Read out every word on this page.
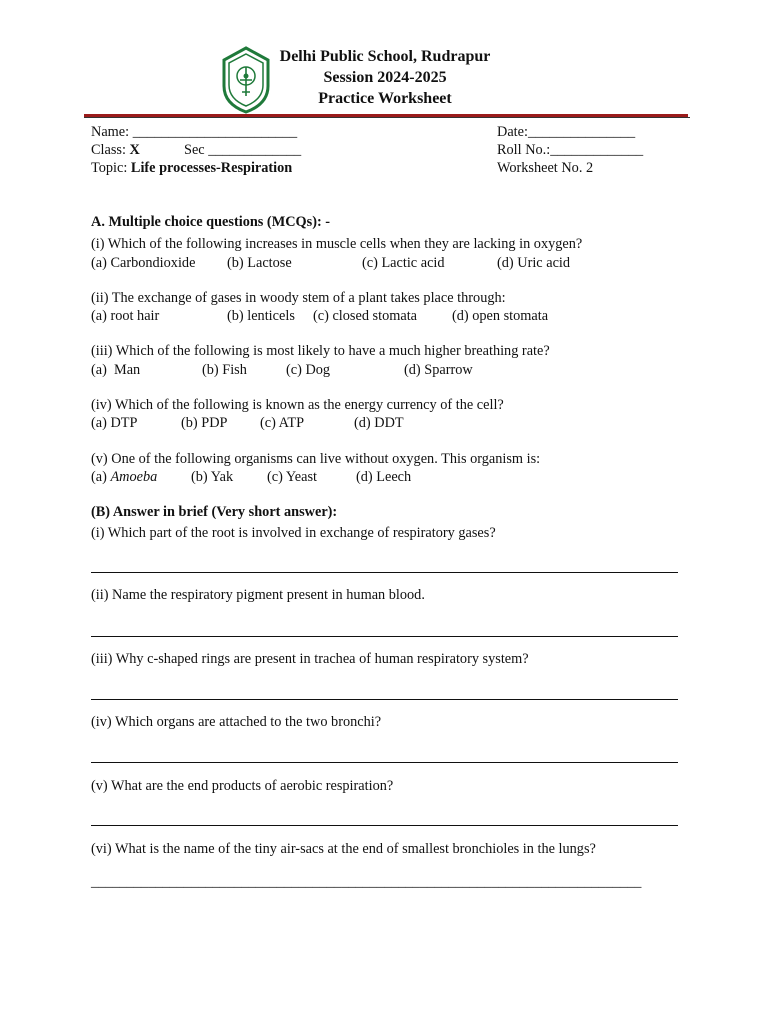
Delhi Public School, Rudrapur
Session 2024-2025
Practice Worksheet
Name: _______________________	Date:_______________
Class: X	Sec _____________	Roll No.:_____________
Topic: Life processes-Respiration	Worksheet No. 2
A. Multiple choice questions (MCQs): -
(i) Which of the following increases in muscle cells when they are lacking in oxygen?
(a) Carbondioxide (b) Lactose	(c) Lactic acid	(d) Uric acid
(ii) The exchange of gases in woody stem of a plant takes place through:
(a) root hair	(b) lenticels (c) closed stomata (d) open stomata
(iii) Which of the following is most likely to have a much higher breathing rate?
(a) Man	(b) Fish	(c) Dog	(d) Sparrow
(iv) Which of the following is known as the energy currency of the cell?
(a) DTP	(b) PDP (c) ATP	(d) DDT
(v) One of the following organisms can live without oxygen. This organism is:
(a) Amoeba (b) Yak (c) Yeast	(d) Leech
(B) Answer in brief (Very short answer):
(i) Which part of the root is involved in exchange of respiratory gases?
(ii) Name the respiratory pigment present in human blood.
(iii) Why c-shaped rings are present in trachea of human respiratory system?
(iv) Which organs are attached to the two bronchi?
(v) What are the end products of aerobic respiration?
(vi) What is the name of the tiny air-sacs at the end of smallest bronchioles in the lungs?
_____________________________________________________________________________
